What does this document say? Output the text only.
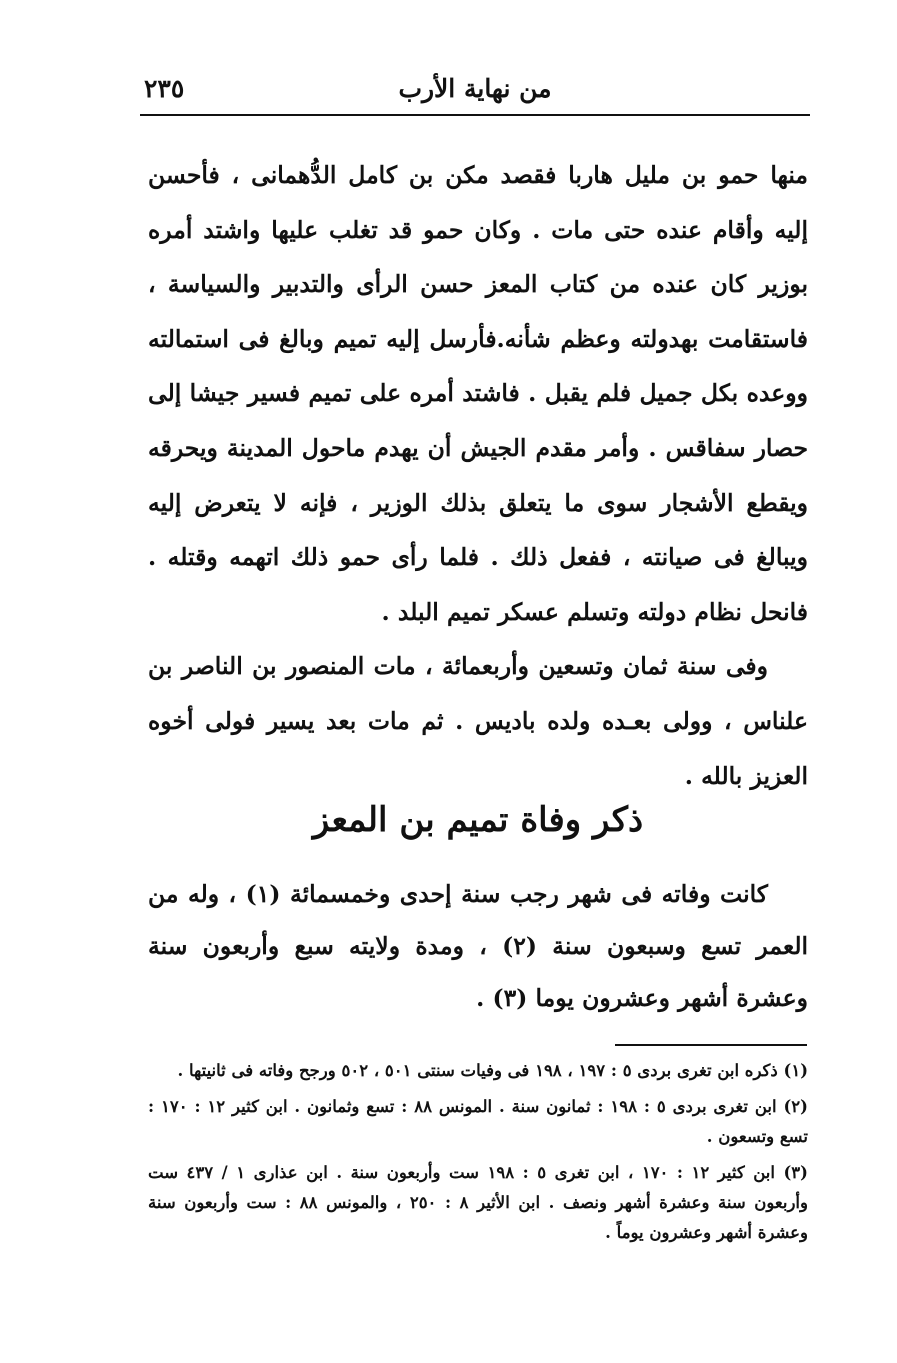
من نهاية الأرب
٢٣٥

منها حمو بن مليل هاربا فقصد مكن بن كامل الدُّهمانى ، فأحسن إليه وأقام عنده حتى مات . وكان حمو قد تغلب عليها واشتد أمره بوزير كان عنده من كتاب المعز حسن الرأى والتدبير والسياسة ، فاستقامت بهدولته وعظم شأنه.فأرسل إليه تميم وبالغ فى استمالته ووعده بكل جميل فلم يقبل . فاشتد أمره على تميم فسير جيشا إلى حصار سفاقس . وأمر مقدم الجيش أن يهدم ماحول المدينة ويحرقه ويقطع الأشجار سوى ما يتعلق بذلك الوزير ، فإنه لا يتعرض إليه ويبالغ فى صيانته ، ففعل ذلك . فلما رأى حمو ذلك اتهمه وقتله . فانحل نظام دولته وتسلم عسكر تميم البلد .

وفى سنة ثمان وتسعين وأربعمائة ، مات المنصور بن الناصر بن علناس ، وولى بعـده ولده باديس . ثم مات بعد يسير فولى أخوه العزيز بالله .

ذكر وفاة تميم بن المعز

كانت وفاته فى شهر رجب سنة إحدى وخمسمائة (١) ، وله من العمر تسع وسبعون سنة (٢) ، ومدة ولايته سبع وأربعون سنة وعشرة أشهر وعشرون يوما (٣) .

(١) ذكره ابن تغرى بردى ٥ : ١٩٧ ، ١٩٨ فى وفيات سنتى ٥٠١ ، ٥٠٢ ورجح وفاته فى ثانيتها .

(٢) ابن تغرى بردى ٥ : ١٩٨ : ثمانون سنة . المونس ٨٨ : تسع وثمانون . ابن كثير ١٢ : ١٧٠ : تسع وتسعون .

(٣) ابن كثير ١٢ : ١٧٠ ، ابن تغرى ٥ : ١٩٨ ست وأربعون سنة . ابن عذارى ١ / ٤٣٧ ست وأربعون سنة وعشرة أشهر ونصف . ابن الأثير ٨ : ٢٥٠ ، والمونس ٨٨ : ست وأربعون سنة وعشرة أشهر وعشرون يوماً .
